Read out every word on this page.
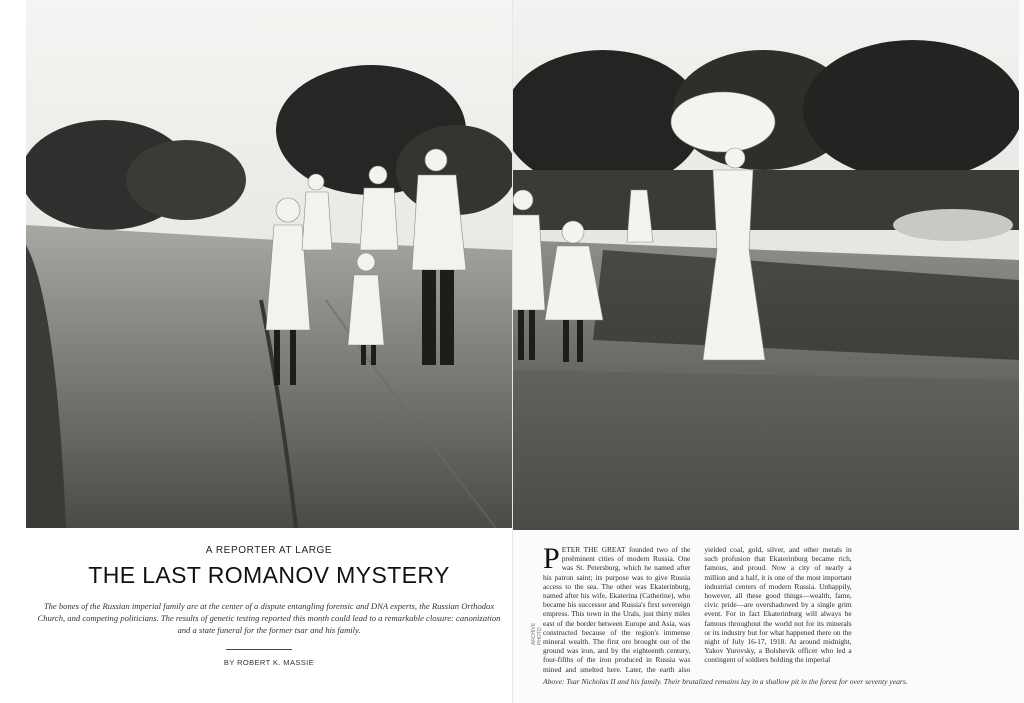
A REPORTER AT LARGE
THE LAST ROMANOV MYSTERY
The bones of the Russian imperial family are at the center of a dispute entangling forensic and DNA experts, the Russian Orthodox Church, and competing politicians. The results of genetic testing reported this month could lead to a remarkable closure: canonization and a state funeral for the former tsar and his family.
BY ROBERT K. MASSIE

PETER THE GREAT founded two of the preëminent cities of modern Russia. One was St. Petersburg, which he named after his patron saint; its purpose was to give Russia access to the sea. The other was Ekaterinburg, named after his wife, Ekaterina (Catherine), who became his successor and Russia's first sovereign empress. This town in the Urals, just thirty miles east of the border between Europe and Asia, was constructed because of the region's immense mineral wealth. The first ore brought out of the ground was iron, and by the eighteenth century, four-fifths of the iron produced in Russia was mined and smelted here. Later, the earth also yielded coal, gold, silver, and other metals in such profusion that Ekaterinburg became rich, famous, and proud. Now a city of nearly a million and a half, it is one of the most important industrial centers of modern Russia. Unhappily, however, all these good things—wealth, fame, civic pride—are overshadowed by a single grim event. For in fact Ekaterinburg will always be famous throughout the world not for its minerals or its industry but for what happened there on the night of July 16-17, 1918. At around midnight, Yakov Yurovsky, a Bolshevik officer who led a contingent of soldiers holding the imperial

ARCHIVE PHOTO
Above: Tsar Nicholas II and his family. Their brutalized remains lay in a shallow pit in the forest for over seventy years.
